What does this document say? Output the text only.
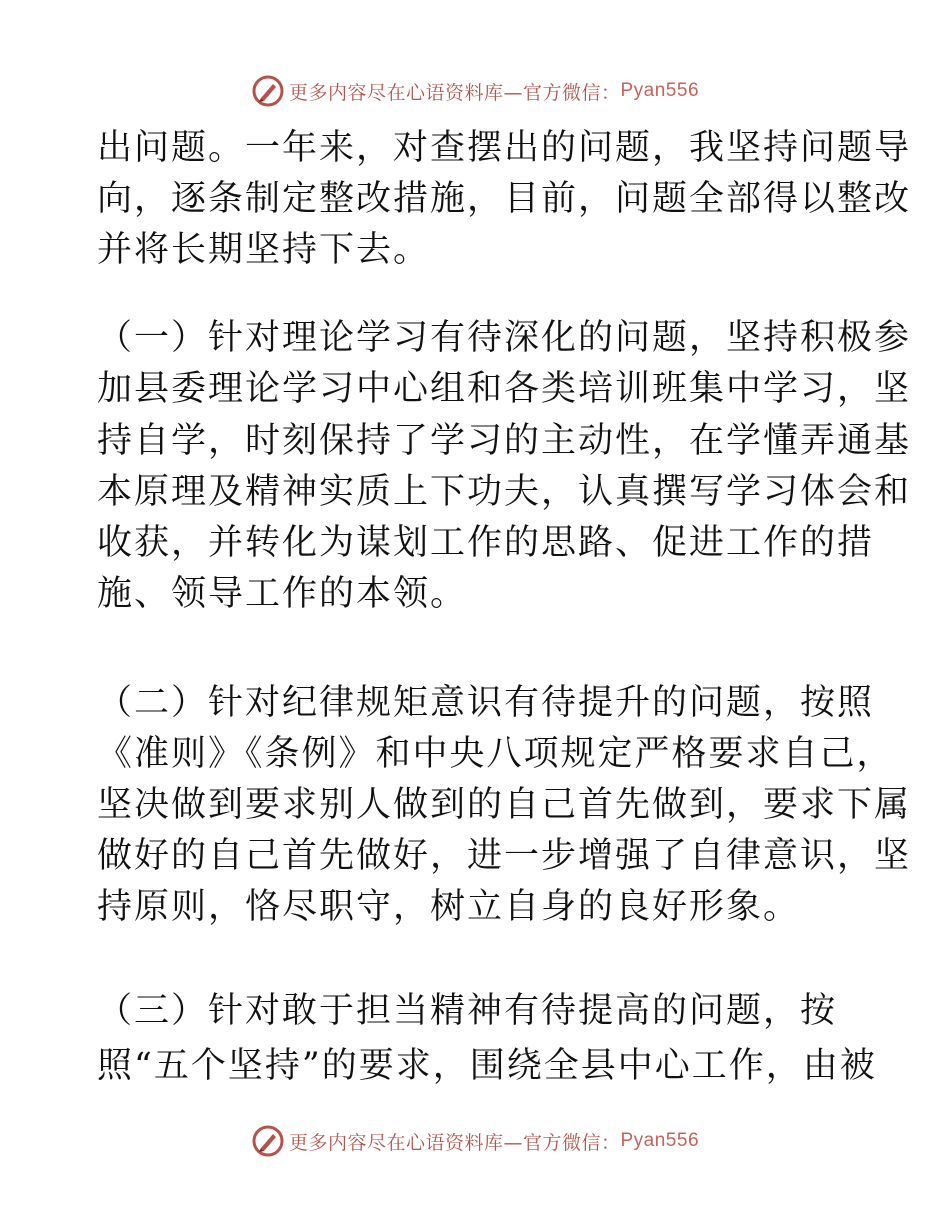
更多内容尽在心语资料库—官方微信： Pyan556
出问题。一年来，对查摆出的问题，我坚持问题导
向，逐条制定整改措施，目前，问题全部得以整改
并将长期坚持下去。
（一）针对理论学习有待深化的问题，坚持积极参
加县委理论学习中心组和各类培训班集中学习，坚
持自学，时刻保持了学习的主动性，在学懂弄通基
本原理及精神实质上下功夫，认真撰写学习体会和
收获，并转化为谋划工作的思路、促进工作的措
施、领导工作的本领。
（二）针对纪律规矩意识有待提升的问题，按照
《准则》《条例》和中央八项规定严格要求自己，
坚决做到要求别人做到的自己首先做到，要求下属
做好的自己首先做好，进一步增强了自律意识，坚
持原则，恪尽职守，树立自身的良好形象。
（三）针对敢于担当精神有待提高的问题，按
照“五个坚持”的要求，围绕全县中心工作，由被
更多内容尽在心语资料库—官方微信： Pyan556
